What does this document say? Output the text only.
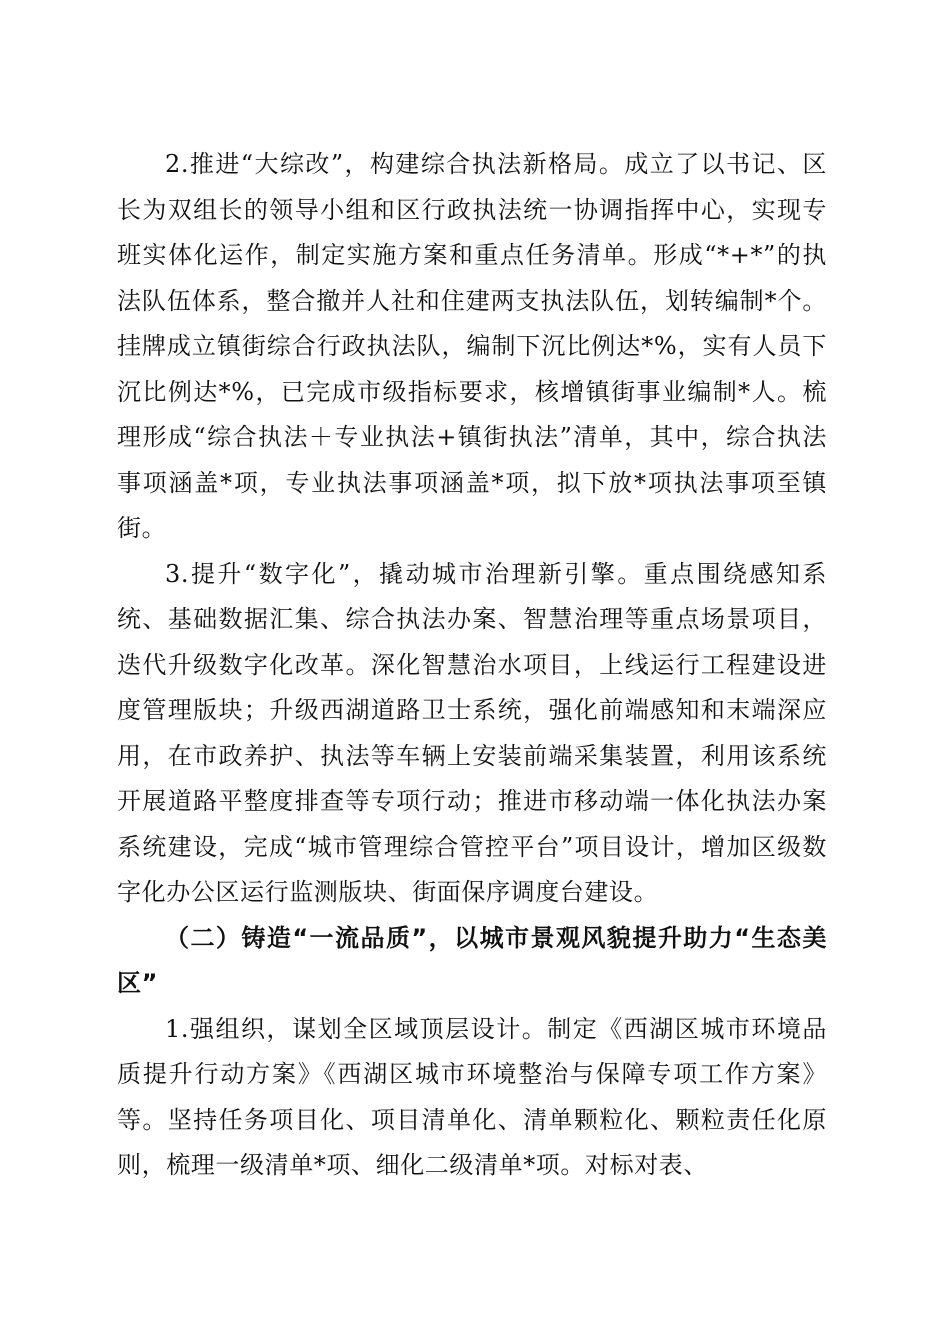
2.推进“大综改”，构建综合执法新格局。成立了以书记、区长为双组长的领导小组和区行政执法统一协调指挥中心，实现专班实体化运作，制定实施方案和重点任务清单。形成“*+*”的执法队伍体系，整合撤并人社和住建两支执法队伍，划转编制*个。挂牌成立镇街综合行政执法队，编制下沉比例达*%，实有人员下沉比例达*%，已完成市级指标要求，核增镇街事业编制*人。梳理形成“综合执法＋专业执法+镇街执法”清单，其中，综合执法事项涵盖*项，专业执法事项涵盖*项，拟下放*项执法事项至镇街。

3.提升“数字化”，撬动城市治理新引擎。重点围绕感知系统、基础数据汇集、综合执法办案、智慧治理等重点场景项目，迭代升级数字化改革。深化智慧治水项目，上线运行工程建设进度管理版块；升级西湖道路卫士系统，强化前端感知和末端深应用，在市政养护、执法等车辆上安装前端采集装置，利用该系统开展道路平整度排查等专项行动；推进市移动端一体化执法办案系统建设，完成“城市管理综合管控平台”项目设计，增加区级数字化办公区运行监测版块、街面保序调度台建设。

（二）铸造“一流品质”，以城市景观风貌提升助力“生态美区”

1.强组织，谋划全区域顶层设计。制定《西湖区城市环境品质提升行动方案》《西湖区城市环境整治与保障专项工作方案》等。坚持任务项目化、项目清单化、清单颗粒化、颗粒责任化原则，梳理一级清单*项、细化二级清单*项。对标对表、
